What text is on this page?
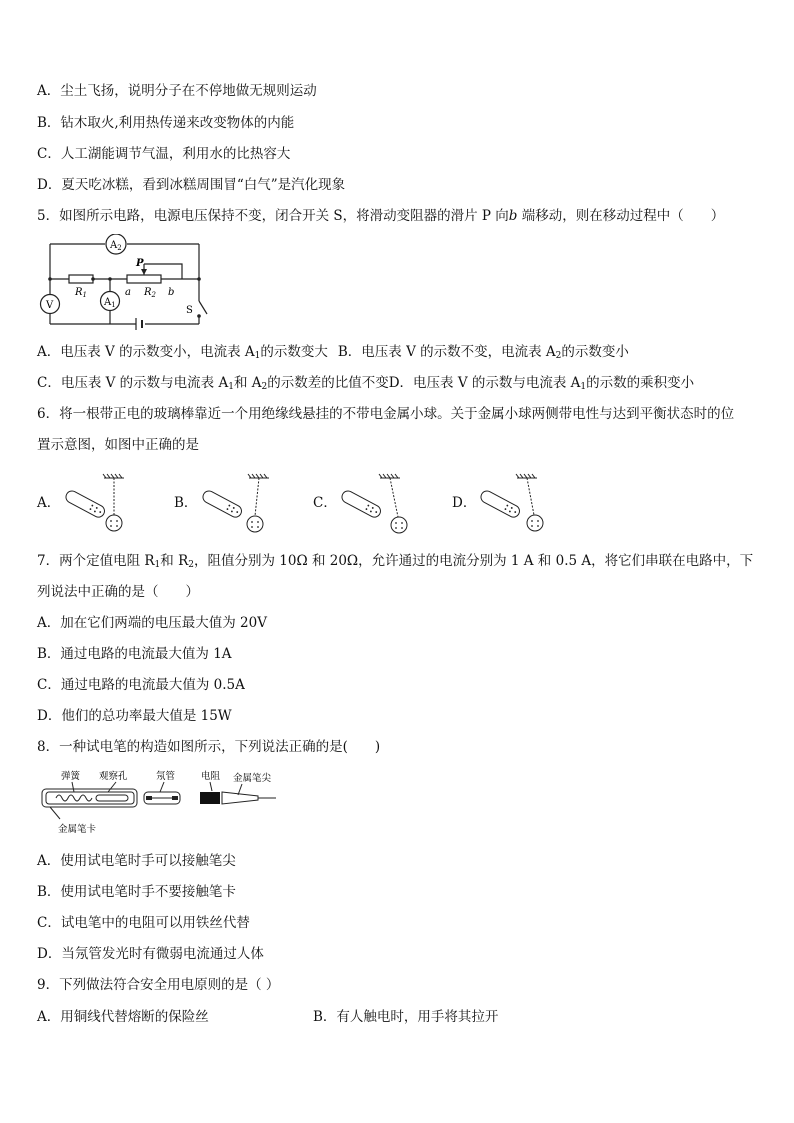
A．尘土飞扬，说明分子在不停地做无规则运动
B．钻木取火,利用热传递来改变物体的内能
C．人工湖能调节气温，利用水的比热容大
D．夏天吃冰糕，看到冰糕周围冒“白气”是汽化现象
5．如图所示电路，电源电压保持不变，闭合开关 S，将滑动变阻器的滑片 P 向b 端移动，则在移动过程中（　　）
$A_2$
V	$A_1$
P
$R_1$	a $R_2$ b
S
A．电压表 V 的示数变小，电流表 $A_1$的示数变大 B．电压表 V 的示数不变，电流表 $A_2$的示数变小
C．电压表 V 的示数与电流表 $A_1$和 $A_2$的示数差的比值不变D．电压表 V 的示数与电流表 $A_1$的示数的乘积变小
6．将一根带正电的玻璃棒靠近一个用绝缘线悬挂的不带电金属小球。关于金属小球两侧带电性与达到平衡状态时的位
置示意图，如图中正确的是
A．	B．	C．	D．
7．两个定值电阻 $R_1$和 $R_2$，阻值分别为 10Ω 和 20Ω，允许通过的电流分别为 1 A 和 0.5 A，将它们串联在电路中，下
列说法中正确的是（　　）
A．加在它们两端的电压最大值为 20V
B．通过电路的电流最大值为 1A
C．通过电路的电流最大值为 0.5A
D．他们的总功率最大值是 15W
8．一种试电笔的构造如图所示，下列说法正确的是(　　)
弹簧 观察孔	氖管	电阻 金属笔尖
金属笔卡
A．使用试电笔时手可以接触笔尖
B．使用试电笔时手不要接触笔卡
C．试电笔中的电阻可以用铁丝代替
D．当氖管发光时有微弱电流通过人体
9．下列做法符合安全用电原则的是（ ）
A．用铜线代替熔断的保险丝	B．有人触电时，用手将其拉开
